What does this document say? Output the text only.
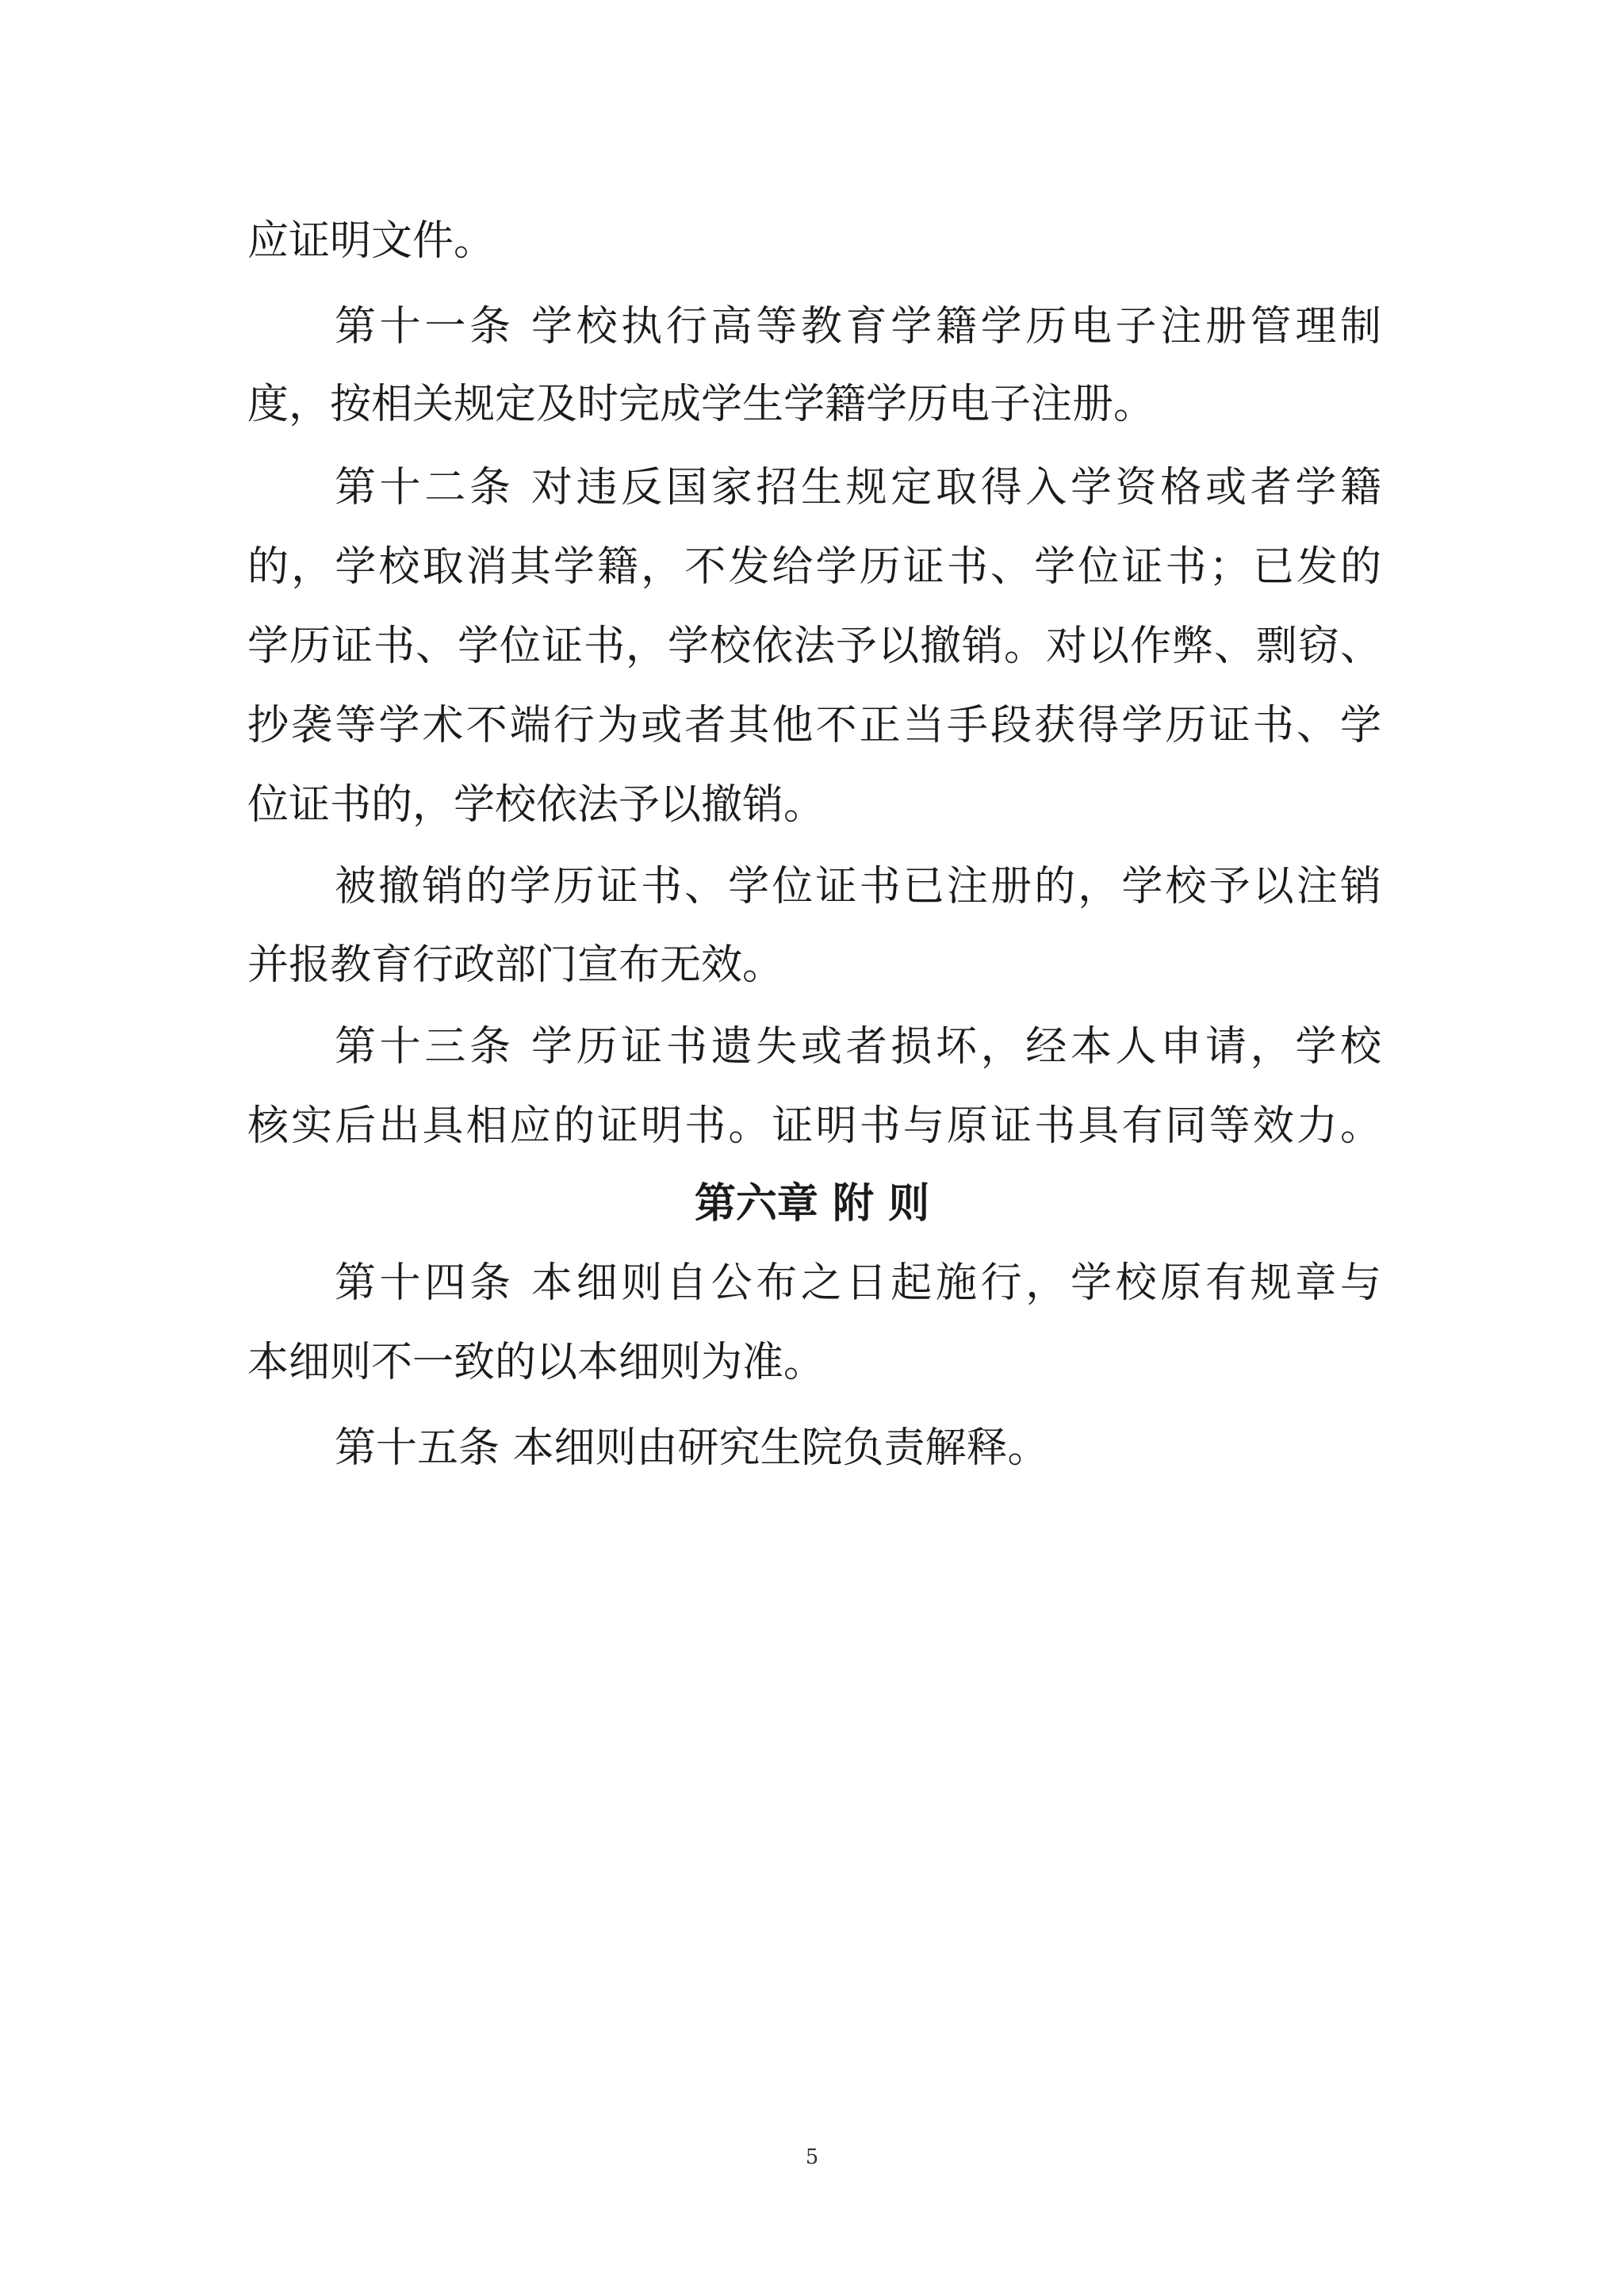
应证明文件。
第十一条 学校执行高等教育学籍学历电子注册管理制
度，按相关规定及时完成学生学籍学历电子注册。
第十二条 对违反国家招生规定取得入学资格或者学籍
的，学校取消其学籍，不发给学历证书、学位证书；已发的
学历证书、学位证书，学校依法予以撤销。对以作弊、剽窃、
抄袭等学术不端行为或者其他不正当手段获得学历证书、学
位证书的，学校依法予以撤销。
被撤销的学历证书、学位证书已注册的，学校予以注销
并报教育行政部门宣布无效。
第十三条 学历证书遗失或者损坏，经本人申请，学校
核实后出具相应的证明书。证明书与原证书具有同等效力。
第六章 附 则
第十四条 本细则自公布之日起施行，学校原有规章与
本细则不一致的以本细则为准。
第十五条 本细则由研究生院负责解释。
5
